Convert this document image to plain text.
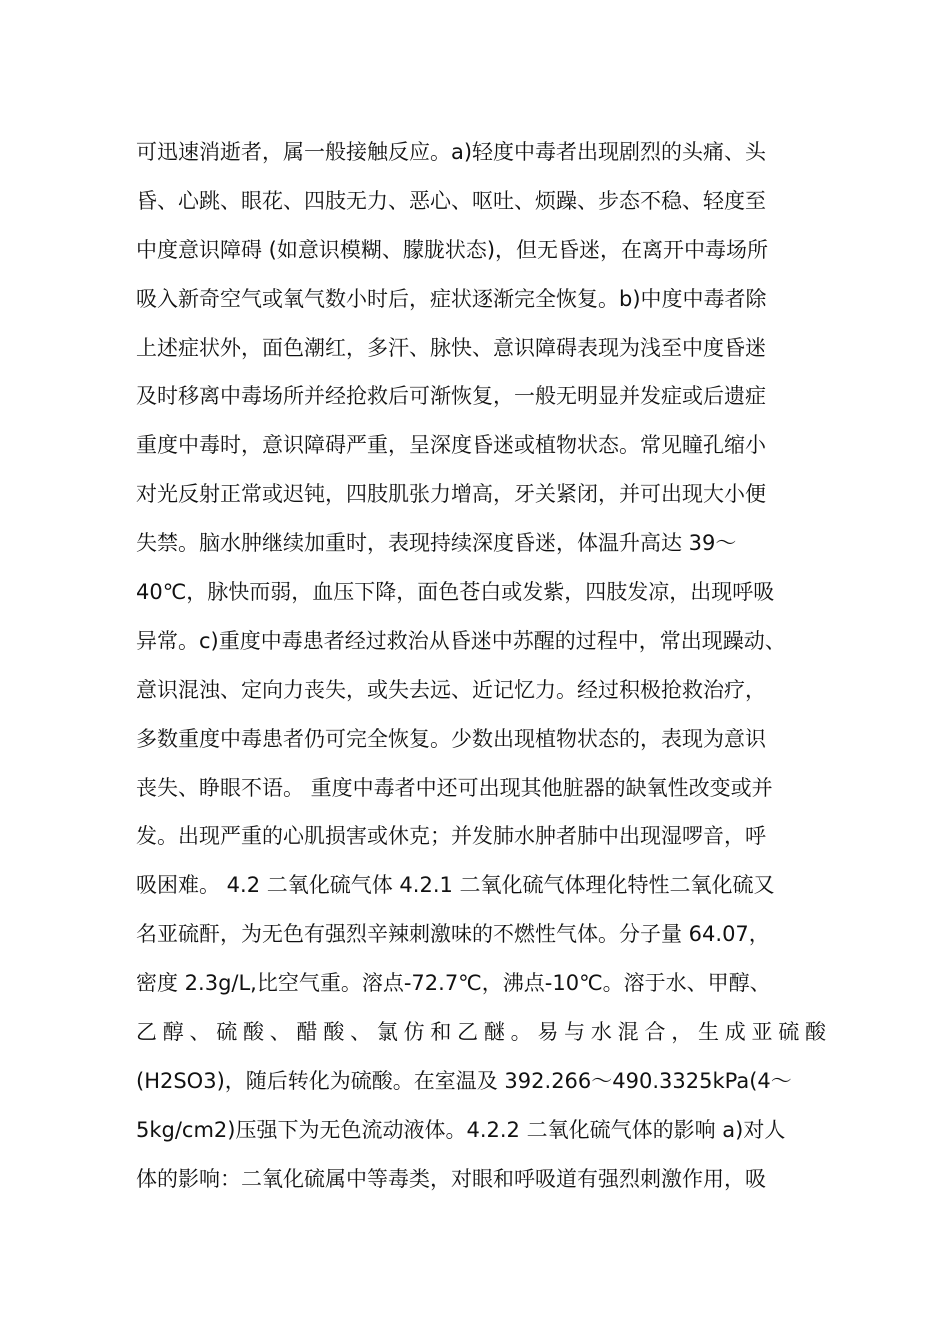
可迅速消逝者，属一般接触反应。a)轻度中毒者出现剧烈的头痛、头
昏、心跳、眼花、四肢无力、恶心、呕吐、烦躁、步态不稳、轻度至
中度意识障碍 (如意识模糊、朦胧状态)，但无昏迷，在离开中毒场所
吸入新奇空气或氧气数小时后，症状逐渐完全恢复。b)中度中毒者除
上述症状外，面色潮红，多汗、脉快、意识障碍表现为浅至中度昏迷
及时移离中毒场所并经抢救后可渐恢复，一般无明显并发症或后遗症
重度中毒时，意识障碍严重，呈深度昏迷或植物状态。常见瞳孔缩小
对光反射正常或迟钝，四肢肌张力增高，牙关紧闭，并可出现大小便
失禁。脑水肿继续加重时，表现持续深度昏迷，体温升高达 39～
40℃，脉快而弱，血压下降，面色苍白或发紫，四肢发凉，出现呼吸
异常。c)重度中毒患者经过救治从昏迷中苏醒的过程中，常出现躁动、
意识混浊、定向力丧失，或失去远、近记忆力。经过积极抢救治疗，
多数重度中毒患者仍可完全恢复。少数出现植物状态的，表现为意识
丧失、睁眼不语。 重度中毒者中还可出现其他脏器的缺氧性改变或并
发。出现严重的心肌损害或休克；并发肺水肿者肺中出现湿啰音，呼
吸困难。 4.2 二氧化硫气体 4.2.1 二氧化硫气体理化特性二氧化硫又
名亚硫酐，为无色有强烈辛辣刺激味的不燃性气体。分子量 64.07，
密度 2.3g/L,比空气重。溶点-72.7℃，沸点-10℃。溶于水、甲醇、
乙醇、硫酸、醋酸、氯仿和乙醚。易与水混合，生成亚硫酸
(H2SO3)，随后转化为硫酸。在室温及 392.266～490.3325kPa(4～
5kg/cm2)压强下为无色流动液体。4.2.2 二氧化硫气体的影响 a)对人
体的影响：二氧化硫属中等毒类，对眼和呼吸道有强烈刺激作用，吸
